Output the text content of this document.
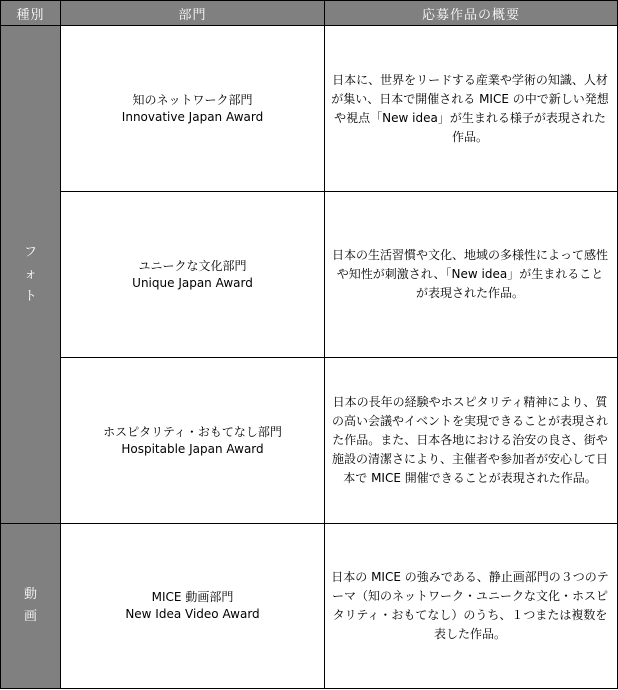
種別	部門	応募作品の概要

フ
ォ
ト	知のネットワーク部門
Innovative Japan Award	日本に、世界をリードする産業や学術の知識、人材が集い、日本で開催される MICE の中で新しい発想や視点「New idea」が生まれる様子が表現された作品。

	ユニークな文化部門
Unique Japan Award	日本の生活習慣や文化、地域の多様性によって感性や知性が刺激され、「New idea」が生まれることが表現された作品。

	ホスピタリティ・おもてなし部門
Hospitable Japan Award	日本の長年の経験やホスピタリティ精神により、質の高い会議やイベントを実現できることが表現された作品。また、日本各地における治安の良さ、街や施設の清潔さにより、主催者や参加者が安心して日本で MICE 開催できることが表現された作品。

動
画	MICE 動画部門
New Idea Video Award	日本の MICE の強みである、静止画部門の３つのテーマ（知のネットワーク・ユニークな文化・ホスピタリティ・おもてなし）のうち、１つまたは複数を表した作品。
